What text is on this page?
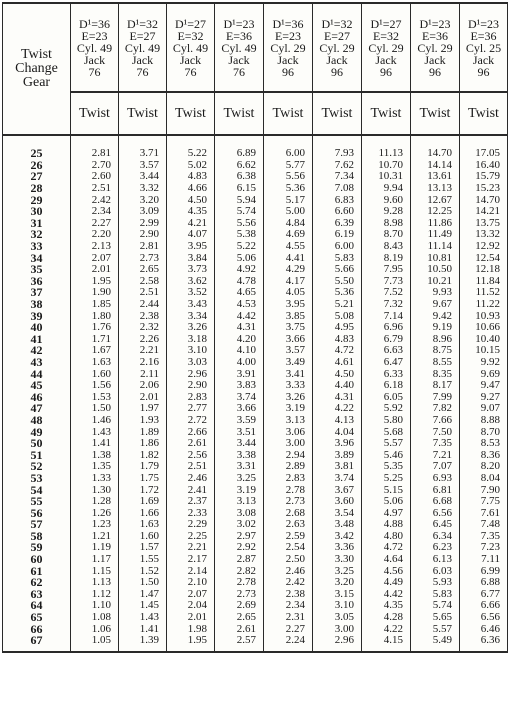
Twist
Change
Gear	D¹=36
E=23
Cyl. 49
Jack
76	D¹=32
E=27
Cyl. 49
Jack
76	D¹=27
E=32
Cyl. 49
Jack
76	D¹=23
E=36
Cyl. 49
Jack
76	D¹=36
E=23
Cyl. 29
Jack
96	D¹=32
E=27
Cyl. 29
Jack
96	D¹=27
E=32
Cyl. 29
Jack
96	D¹=23
E=36
Cyl. 29
Jack
96	D¹=23
E=36
Cyl. 25
Jack
96

	Twist	Twist	Twist	Twist	Twist	Twist	Twist	Twist	Twist
25	2.81	3.71	5.22	6.89	6.00	7.93	11.13	14.70	17.05
26	2.70	3.57	5.02	6.62	5.77	7.62	10.70	14.14	16.40
27	2.60	3.44	4.83	6.38	5.56	7.34	10.31	13.61	15.79
28	2.51	3.32	4.66	6.15	5.36	7.08	9.94	13.13	15.23
29	2.42	3.20	4.50	5.94	5.17	6.83	9.60	12.67	14.70
30	2.34	3.09	4.35	5.74	5.00	6.60	9.28	12.25	14.21
31	2.27	2.99	4.21	5.56	4.84	6.39	8.98	11.86	13.75
32	2.20	2.90	4.07	5.38	4.69	6.19	8.70	11.49	13.32
33	2.13	2.81	3.95	5.22	4.55	6.00	8.43	11.14	12.92
34	2.07	2.73	3.84	5.06	4.41	5.83	8.19	10.81	12.54
35	2.01	2.65	3.73	4.92	4.29	5.66	7.95	10.50	12.18
36	1.95	2.58	3.62	4.78	4.17	5.50	7.73	10.21	11.84
37	1.90	2.51	3.52	4.65	4.05	5.36	7.52	9.93	11.52
38	1.85	2.44	3.43	4.53	3.95	5.21	7.32	9.67	11.22
39	1.80	2.38	3.34	4.42	3.85	5.08	7.14	9.42	10.93
40	1.76	2.32	3.26	4.31	3.75	4.95	6.96	9.19	10.66
41	1.71	2.26	3.18	4.20	3.66	4.83	6.79	8.96	10.40
42	1.67	2.21	3.10	4.10	3.57	4.72	6.63	8.75	10.15
43	1.63	2.16	3.03	4.00	3.49	4.61	6.47	8.55	9.92
44	1.60	2.11	2.96	3.91	3.41	4.50	6.33	8.35	9.69
45	1.56	2.06	2.90	3.83	3.33	4.40	6.18	8.17	9.47
46	1.53	2.01	2.83	3.74	3.26	4.31	6.05	7.99	9.27
47	1.50	1.97	2.77	3.66	3.19	4.22	5.92	7.82	9.07
48	1.46	1.93	2.72	3.59	3.13	4.13	5.80	7.66	8.88
49	1.43	1.89	2.66	3.51	3.06	4.04	5.68	7.50	8.70
50	1.41	1.86	2.61	3.44	3.00	3.96	5.57	7.35	8.53
51	1.38	1.82	2.56	3.38	2.94	3.89	5.46	7.21	8.36
52	1.35	1.79	2.51	3.31	2.89	3.81	5.35	7.07	8.20
53	1.33	1.75	2.46	3.25	2.83	3.74	5.25	6.93	8.04
54	1.30	1.72	2.41	3.19	2.78	3.67	5.15	6.81	7.90
55	1.28	1.69	2.37	3.13	2.73	3.60	5.06	6.68	7.75
56	1.26	1.66	2.33	3.08	2.68	3.54	4.97	6.56	7.61
57	1.23	1.63	2.29	3.02	2.63	3.48	4.88	6.45	7.48
58	1.21	1.60	2.25	2.97	2.59	3.42	4.80	6.34	7.35
59	1.19	1.57	2.21	2.92	2.54	3.36	4.72	6.23	7.23
60	1.17	1.55	2.17	2.87	2.50	3.30	4.64	6.13	7.11
61	1.15	1.52	2.14	2.82	2.46	3.25	4.56	6.03	6.99
62	1.13	1.50	2.10	2.78	2.42	3.20	4.49	5.93	6.88
63	1.12	1.47	2.07	2.73	2.38	3.15	4.42	5.83	6.77
64	1.10	1.45	2.04	2.69	2.34	3.10	4.35	5.74	6.66
65	1.08	1.43	2.01	2.65	2.31	3.05	4.28	5.65	6.56
66	1.06	1.41	1.98	2.61	2.27	3.00	4.22	5.57	6.46
67	1.05	1.39	1.95	2.57	2.24	2.96	4.15	5.49	6.36
